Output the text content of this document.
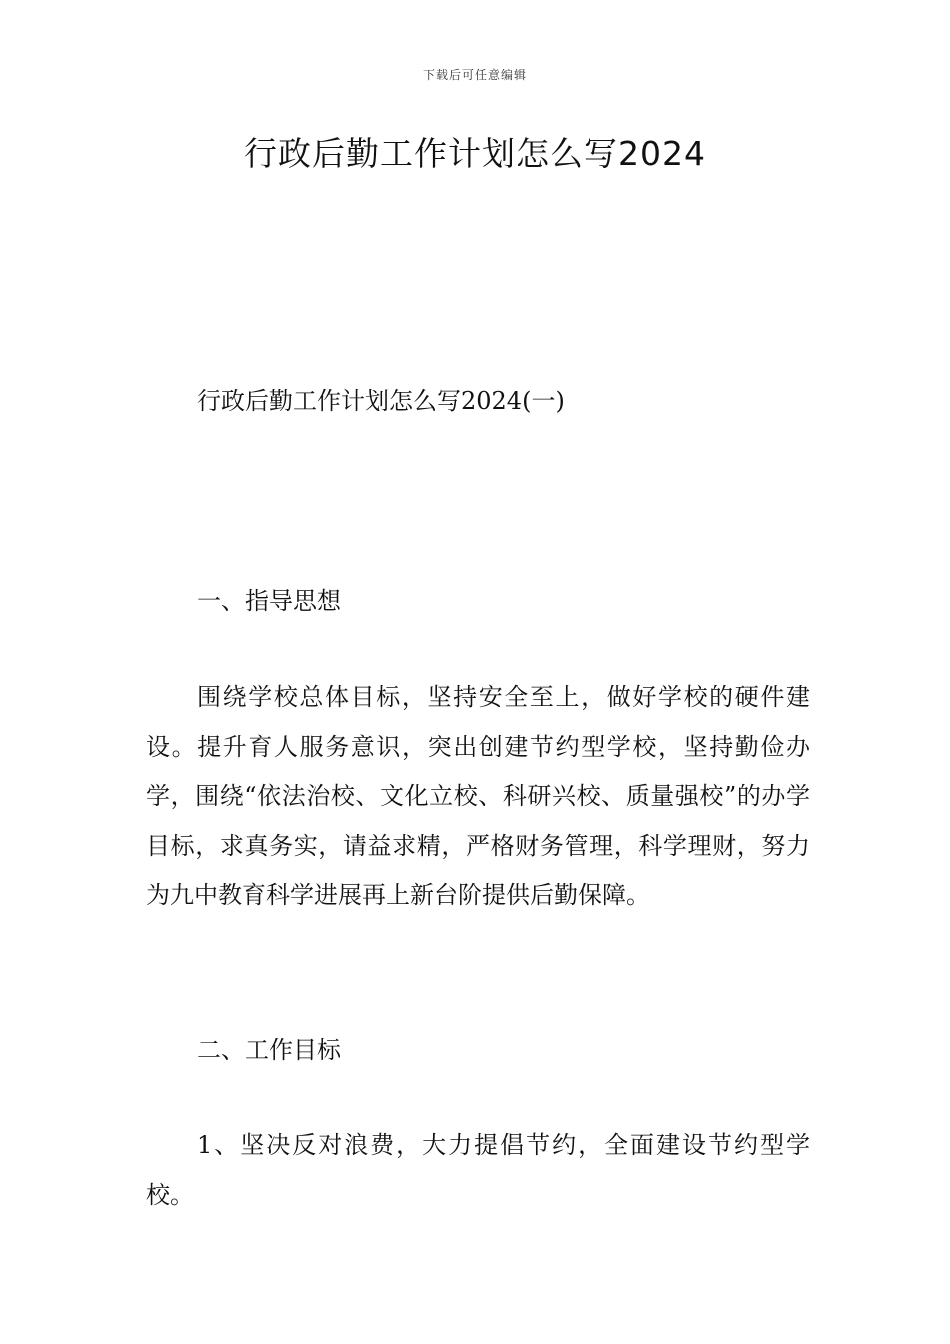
下载后可任意编辑
行政后勤工作计划怎么写2024
行政后勤工作计划怎么写2024(一)
一、指导思想

围绕学校总体目标，坚持安全至上，做好学校的硬件建设。提升育人服务意识，突出创建节约型学校，坚持勤俭办学，围绕“依法治校、文化立校、科研兴校、质量强校”的办学目标，求真务实，请益求精，严格财务管理，科学理财，努力为九中教育科学进展再上新台阶提供后勤保障。

二、工作目标

1、坚决反对浪费，大力提倡节约，全面建设节约型学校。
